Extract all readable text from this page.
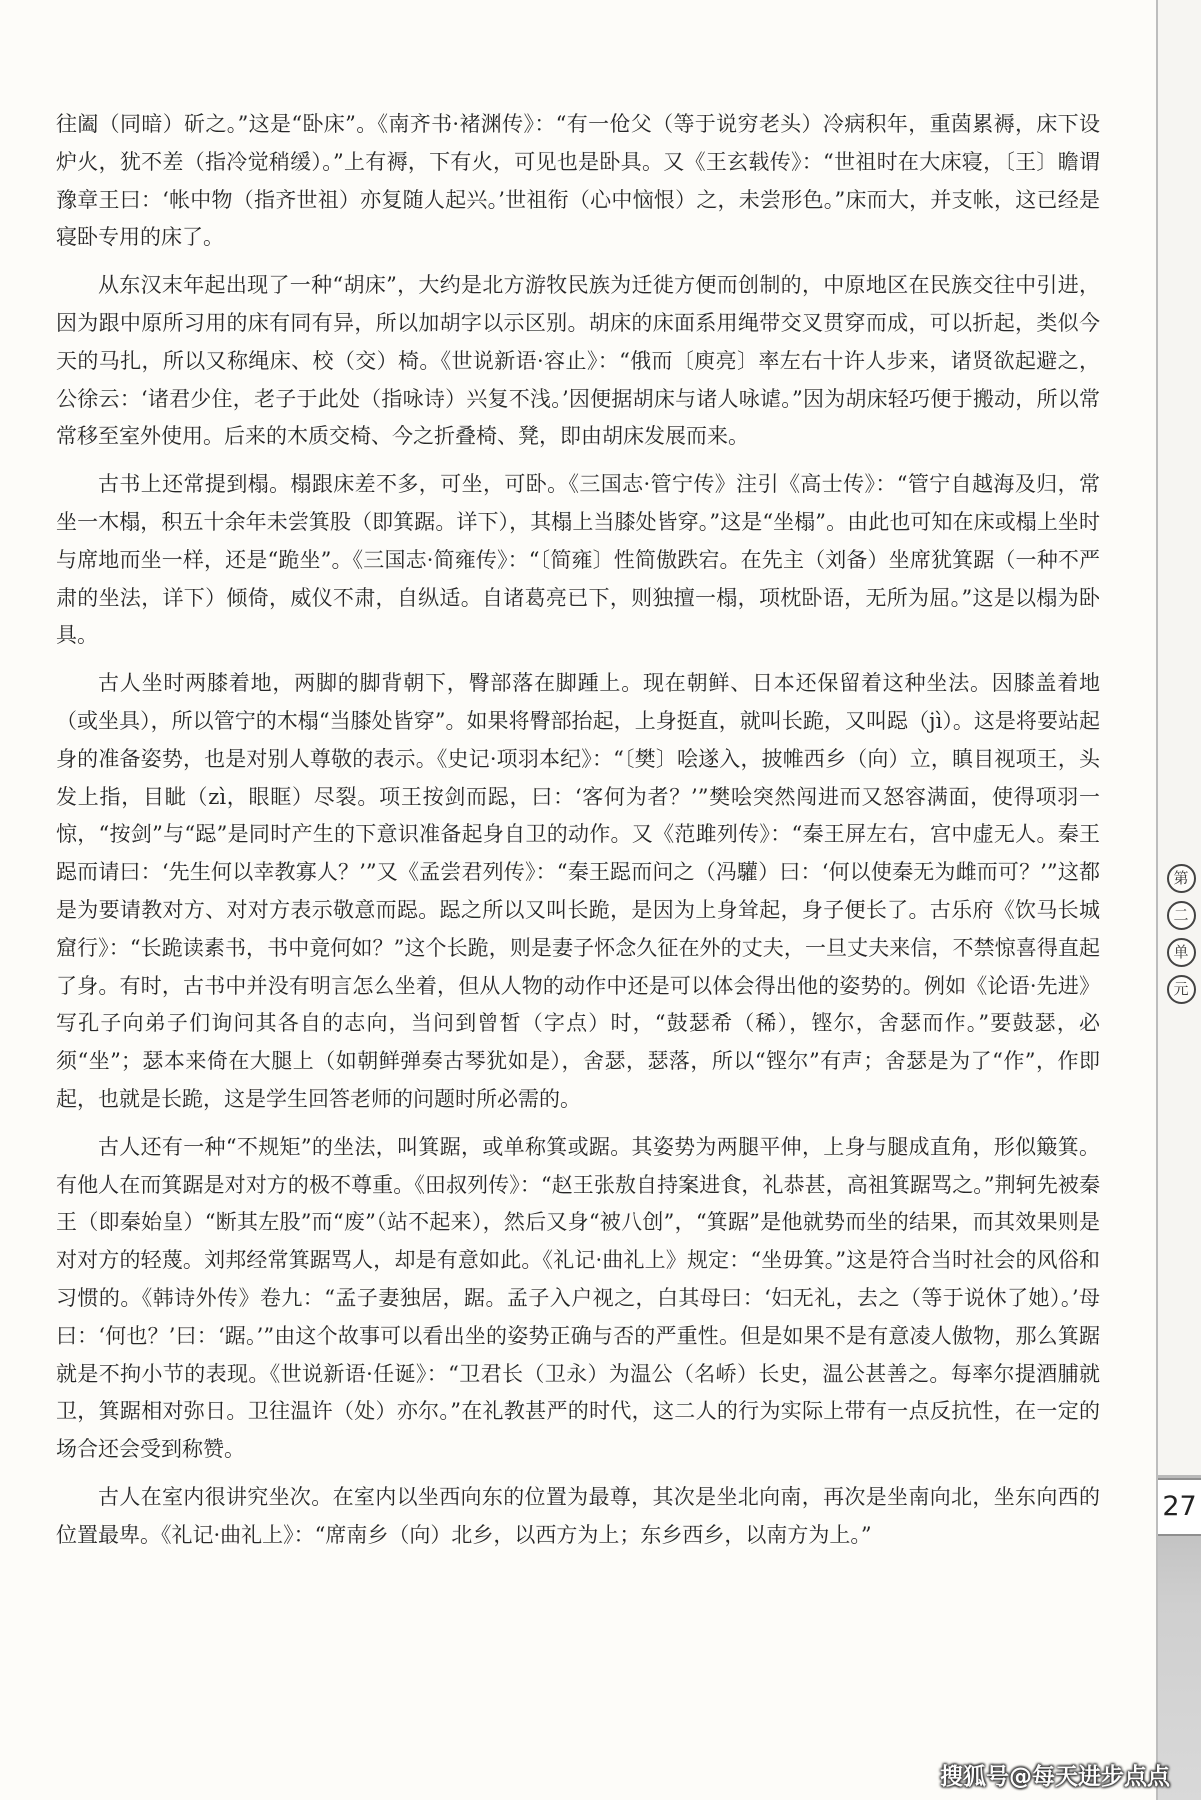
往阖（同暗）斫之。”这是“卧床”。《南齐书·褚渊传》：“有一伧父（等于说穷老头）冷病积年，重茵累褥，床下设炉火，犹不差（指冷觉稍缓）。”上有褥，下有火，可见也是卧具。又《王玄载传》：“世祖时在大床寝，〔王〕瞻谓豫章王曰：‘帐中物（指齐世祖）亦复随人起兴。’世祖衔（心中恼恨）之，未尝形色。”床而大，并支帐，这已经是寝卧专用的床了。

从东汉末年起出现了一种“胡床”，大约是北方游牧民族为迁徙方便而创制的，中原地区在民族交往中引进，因为跟中原所习用的床有同有异，所以加胡字以示区别。胡床的床面系用绳带交叉贯穿而成，可以折起，类似今天的马扎，所以又称绳床、校（交）椅。《世说新语·容止》：“俄而〔庾亮〕率左右十许人步来，诸贤欲起避之，公徐云：‘诸君少住，老子于此处（指咏诗）兴复不浅。’因便据胡床与诸人咏谑。”因为胡床轻巧便于搬动，所以常常移至室外使用。后来的木质交椅、今之折叠椅、凳，即由胡床发展而来。

古书上还常提到榻。榻跟床差不多，可坐，可卧。《三国志·管宁传》注引《高士传》：“管宁自越海及归，常坐一木榻，积五十余年未尝箕股（即箕踞。详下），其榻上当膝处皆穿。”这是“坐榻”。由此也可知在床或榻上坐时与席地而坐一样，还是“跪坐”。《三国志·简雍传》：“〔简雍〕性简傲跌宕。在先主（刘备）坐席犹箕踞（一种不严肃的坐法，详下）倾倚，威仪不肃，自纵适。自诸葛亮已下，则独擅一榻，项枕卧语，无所为屈。”这是以榻为卧具。

古人坐时两膝着地，两脚的脚背朝下，臀部落在脚踵上。现在朝鲜、日本还保留着这种坐法。因膝盖着地（或坐具），所以管宁的木榻“当膝处皆穿”。如果将臀部抬起，上身挺直，就叫长跪，又叫跽（jì）。这是将要站起身的准备姿势，也是对别人尊敬的表示。《史记·项羽本纪》：“〔樊〕哙遂入，披帷西乡（向）立，瞋目视项王，头发上指，目眦（zì，眼眶）尽裂。项王按剑而跽，曰：‘客何为者？’”樊哙突然闯进而又怒容满面，使得项羽一惊，“按剑”与“跽”是同时产生的下意识准备起身自卫的动作。又《范雎列传》：“秦王屏左右，宫中虚无人。秦王跽而请曰：‘先生何以幸教寡人？’”又《孟尝君列传》：“秦王跽而问之（冯驩）曰：‘何以使秦无为雌而可？’”这都是为要请教对方、对对方表示敬意而跽。跽之所以又叫长跪，是因为上身耸起，身子便长了。古乐府《饮马长城窟行》：“长跪读素书，书中竟何如？”这个长跪，则是妻子怀念久征在外的丈夫，一旦丈夫来信，不禁惊喜得直起了身。有时，古书中并没有明言怎么坐着，但从人物的动作中还是可以体会得出他的姿势的。例如《论语·先进》写孔子向弟子们询问其各自的志向，当问到曾皙（字点）时，“鼓瑟希（稀），铿尔，舍瑟而作。”要鼓瑟，必须“坐”；瑟本来倚在大腿上（如朝鲜弹奏古琴犹如是），舍瑟，瑟落，所以“铿尔”有声；舍瑟是为了“作”，作即起，也就是长跪，这是学生回答老师的问题时所必需的。

古人还有一种“不规矩”的坐法，叫箕踞，或单称箕或踞。其姿势为两腿平伸，上身与腿成直角，形似簸箕。有他人在而箕踞是对对方的极不尊重。《田叔列传》：“赵王张敖自持案进食，礼恭甚，高祖箕踞骂之。”荆轲先被秦王（即秦始皇）“断其左股”而“废”（站不起来），然后又身“被八创”，“箕踞”是他就势而坐的结果，而其效果则是对对方的轻蔑。刘邦经常箕踞骂人，却是有意如此。《礼记·曲礼上》规定：“坐毋箕。”这是符合当时社会的风俗和习惯的。《韩诗外传》卷九：“孟子妻独居，踞。孟子入户视之，白其母曰：‘妇无礼，去之（等于说休了她）。’母曰：‘何也？’曰：‘踞。’”由这个故事可以看出坐的姿势正确与否的严重性。但是如果不是有意凌人傲物，那么箕踞就是不拘小节的表现。《世说新语·任诞》：“卫君长（卫永）为温公（名峤）长史，温公甚善之。每率尔提酒脯就卫，箕踞相对弥日。卫往温许（处）亦尔。”在礼教甚严的时代，这二人的行为实际上带有一点反抗性，在一定的场合还会受到称赞。

古人在室内很讲究坐次。在室内以坐西向东的位置为最尊，其次是坐北向南，再次是坐南向北，坐东向西的位置最卑。《礼记·曲礼上》：“席南乡（向）北乡，以西方为上；东乡西乡，以南方为上。”

第
二
单
元
27
搜狐号@每天进步点点
